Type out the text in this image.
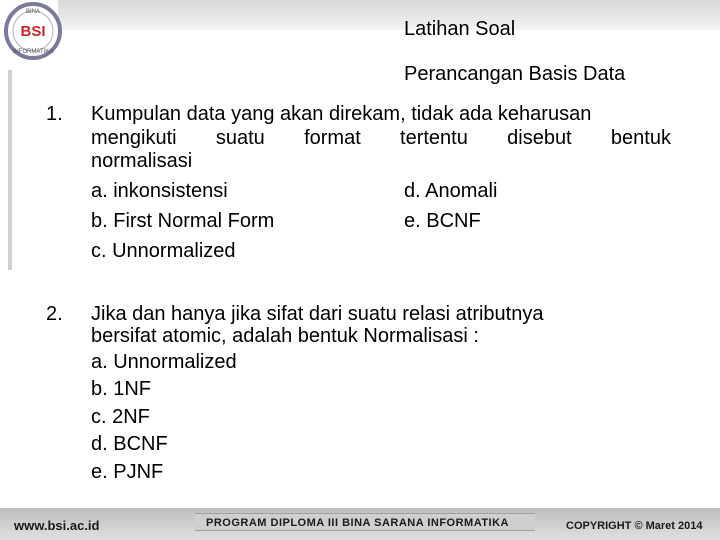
BSI
BINA
INFORMATIKA
Latihan Soal
Perancangan Basis Data
1. Kumpulan data yang akan direkam, tidak ada keharusan
mengikuti suatu format tertentu disebut bentuk
normalisasi
a. inkonsistensi	d. Anomali
b. First Normal Form	e. BCNF
c. Unnormalized
2. Jika dan hanya jika sifat dari suatu relasi atributnya
bersifat atomic, adalah bentuk Normalisasi :
a. Unnormalized
b. 1NF
c. 2NF
d. BCNF
e. PJNF
www.bsi.ac.id	PROGRAM DIPLOMA III BINA SARANA INFORMATIKA	COPYRIGHT © Maret 2014
